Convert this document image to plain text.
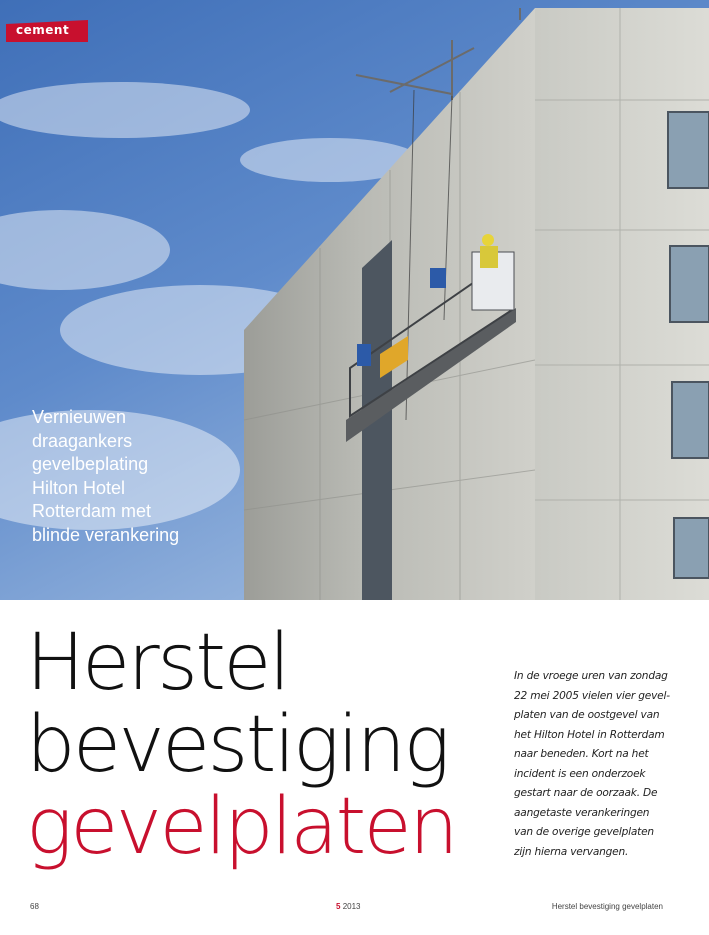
cement
Vernieuwen
draagankers
gevelbeplating
Hilton Hotel
Rotterdam met
blinde verankering
Herstel
bevestiging
gevelplaten
In de vroege uren van zondag
22 mei 2005 vielen vier gevel-
platen van de oostgevel van
het Hilton Hotel in Rotterdam
naar beneden. Kort na het
incident is een onderzoek
gestart naar de oorzaak. De
aangetaste verankeringen
van de overige gevelplaten
zijn hierna vervangen.
68	5 2013	Herstel bevestiging gevelplaten
